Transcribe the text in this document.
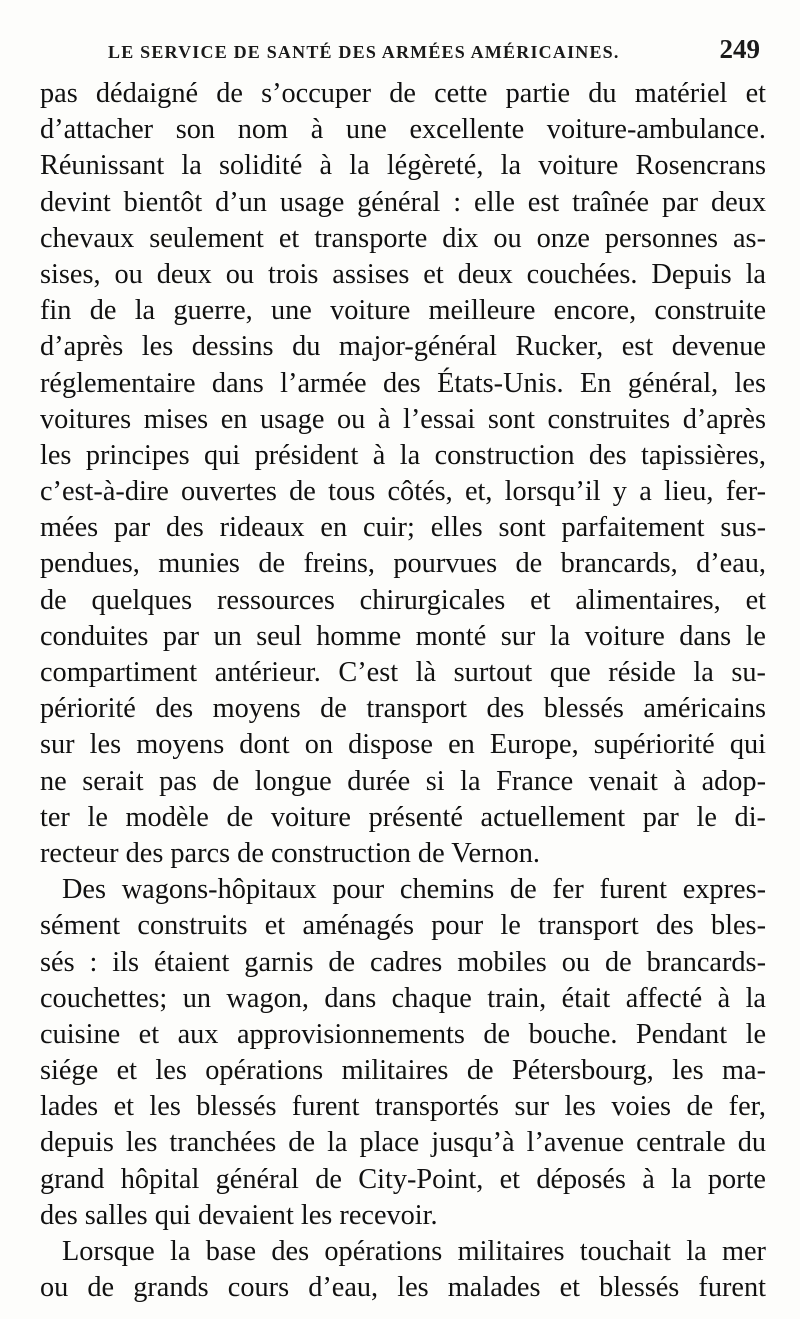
LE SERVICE DE SANTÉ DES ARMÉES AMÉRICAINES.	249
pas dédaigné de s’occuper de cette partie du matériel et
d’attacher son nom à une excellente voiture-ambulance.
Réunissant la solidité à la légèreté, la voiture Rosencrans
devint bientôt d’un usage général : elle est traînée par deux
chevaux seulement et transporte dix ou onze personnes as-
sises, ou deux ou trois assises et deux couchées. Depuis la
fin de la guerre, une voiture meilleure encore, construite
d’après les dessins du major-général Rucker, est devenue
réglementaire dans l’armée des États-Unis. En général, les
voitures mises en usage ou à l’essai sont construites d’après
les principes qui président à la construction des tapissières,
c’est-à-dire ouvertes de tous côtés, et, lorsqu’il y a lieu, fer-
mées par des rideaux en cuir; elles sont parfaitement sus-
pendues, munies de freins, pourvues de brancards, d’eau,
de quelques ressources chirurgicales et alimentaires, et
conduites par un seul homme monté sur la voiture dans le
compartiment antérieur. C’est là surtout que réside la su-
périorité des moyens de transport des blessés américains
sur les moyens dont on dispose en Europe, supériorité qui
ne serait pas de longue durée si la France venait à adop-
ter le modèle de voiture présenté actuellement par le di-
recteur des parcs de construction de Vernon.
Des wagons-hôpitaux pour chemins de fer furent expres-
sément construits et aménagés pour le transport des bles-
sés : ils étaient garnis de cadres mobiles ou de brancards-
couchettes; un wagon, dans chaque train, était affecté à la
cuisine et aux approvisionnements de bouche. Pendant le
siége et les opérations militaires de Pétersbourg, les ma-
lades et les blessés furent transportés sur les voies de fer,
depuis les tranchées de la place jusqu’à l’avenue centrale du
grand hôpital général de City-Point, et déposés à la porte
des salles qui devaient les recevoir.
Lorsque la base des opérations militaires touchait la mer
ou de grands cours d’eau, les malades et blessés furent
